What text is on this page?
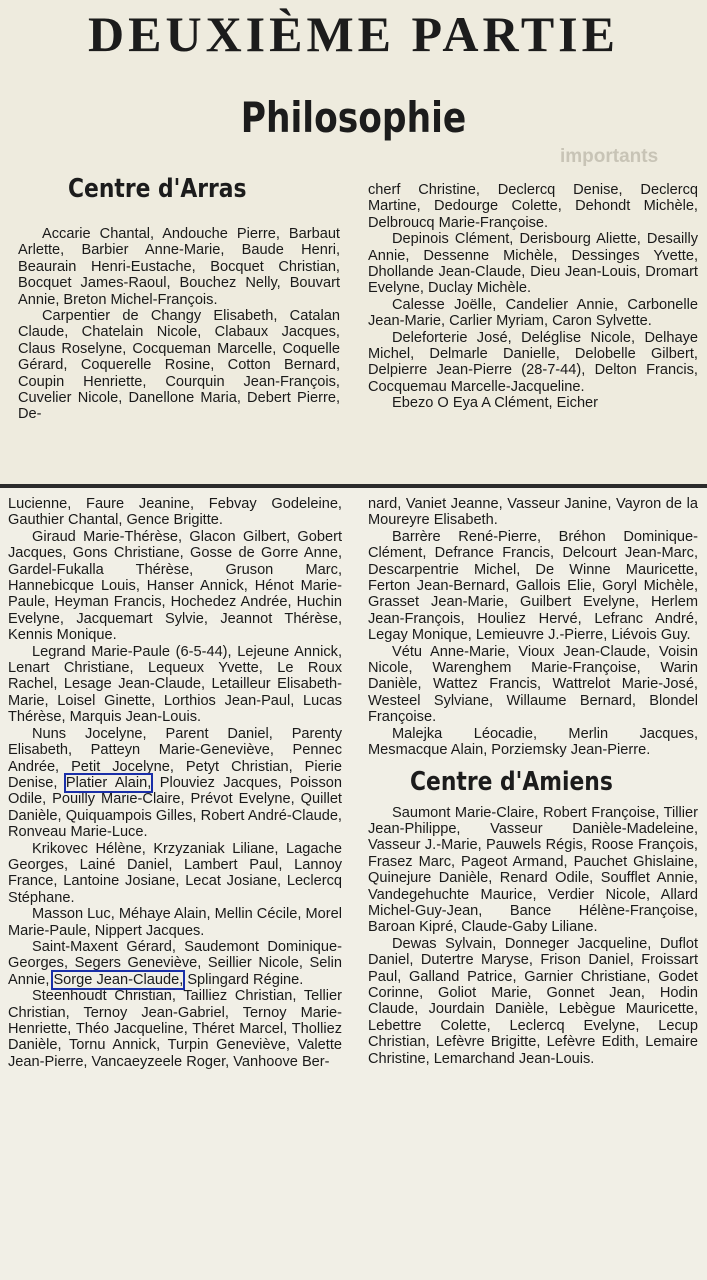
DEUXIÈME PARTIE
importants
Philosophie
Centre d'Arras

Accarie Chantal, Andouche Pierre, Barbaut Arlette, Barbier Anne-Marie, Baude Henri, Beaurain Henri-Eustache, Bocquet Christian, Bocquet James-Raoul, Bouchez Nelly, Bouvart Annie, Breton Michel-François.

Carpentier de Changy Elisabeth, Catalan Claude, Chatelain Nicole, Clabaux Jacques, Claus Roselyne, Cocqueman Marcelle, Coquelle Gérard, Coquerelle Rosine, Cotton Bernard, Coupin Henriette, Courquin Jean-François, Cuvelier Nicole, Danellone Maria, Debert Pierre, De-

cherf Christine, Declercq Denise, Declercq Martine, Dedourge Colette, Dehondt Michèle, Delbroucq Marie-Françoise.

Depinois Clément, Derisbourg Aliette, Desailly Annie, Dessenne Michèle, Dessinges Yvette, Dhollande Jean-Claude, Dieu Jean-Louis, Dromart Evelyne, Duclay Michèle.

Calesse Joëlle, Candelier Annie, Carbonelle Jean-Marie, Carlier Myriam, Caron Sylvette.

Deleforterie José, Deléglise Nicole, Delhaye Michel, Delmarle Danielle, Delobelle Gilbert, Delpierre Jean-Pierre (28-7-44), Delton Francis, Cocquemau Marcelle-Jacqueline.

Ebezo O Eya A Clément, Eicher

Lucienne, Faure Jeanine, Febvay Godeleine, Gauthier Chantal, Gence Brigitte.

Giraud Marie-Thérèse, Glacon Gilbert, Gobert Jacques, Gons Christiane, Gosse de Gorre Anne, Gardel-Fukalla Thérèse, Gruson Marc, Hannebicque Louis, Hanser Annick, Hénot Marie-Paule, Heyman Francis, Hochedez Andrée, Huchin Evelyne, Jacquemart Sylvie, Jeannot Thérèse, Kennis Monique.

Legrand Marie-Paule (6-5-44), Lejeune Annick, Lenart Christiane, Lequeux Yvette, Le Roux Rachel, Lesage Jean-Claude, Letailleur Elisabeth-Marie, Loisel Ginette, Lorthios Jean-Paul, Lucas Thérèse, Marquis Jean-Louis.

Nuns Jocelyne, Parent Daniel, Parenty Elisabeth, Patteyn Marie-Geneviève, Pennec Andrée, Petit Jocelyne, Petyt Christian, Pierie Denise, Platier Alain, Plouviez Jacques, Poisson Odile, Pouilly Marie-Claire, Prévot Evelyne, Quillet Danièle, Quiquampois Gilles, Robert André-Claude, Ronveau Marie-Luce.

Krikovec Hélène, Krzyzaniak Liliane, Lagache Georges, Lainé Daniel, Lambert Paul, Lannoy France, Lantoine Josiane, Lecat Josiane, Leclercq Stéphane.

Masson Luc, Méhaye Alain, Mellin Cécile, Morel Marie-Paule, Nippert Jacques.

Saint-Maxent Gérard, Saudemont Dominique-Georges, Segers Geneviève, Seillier Nicole, Selin Annie, Sorge Jean-Claude, Splingard Régine.

Steenhoudt Christian, Tailliez Christian, Tellier Christian, Ternoy Jean-Gabriel, Ternoy Marie-Henriette, Théo Jacqueline, Théret Marcel, Tholliez Danièle, Tornu Annick, Turpin Geneviève, Valette Jean-Pierre, Vancaeyzeele Roger, Vanhoove Ber-

nard, Vaniet Jeanne, Vasseur Janine, Vayron de la Moureyre Elisabeth.

Barrère René-Pierre, Bréhon Dominique-Clément, Defrance Francis, Delcourt Jean-Marc, Descarpentrie Michel, De Winne Mauricette, Ferton Jean-Bernard, Gallois Elie, Goryl Michèle, Grasset Jean-Marie, Guilbert Evelyne, Herlem Jean-François, Houliez Hervé, Lefranc André, Legay Monique, Lemieuvre J.-Pierre, Liévois Guy.

Vétu Anne-Marie, Vioux Jean-Claude, Voisin Nicole, Warenghem Marie-Françoise, Warin Danièle, Wattez Francis, Wattrelot Marie-José, Westeel Sylviane, Willaume Bernard, Blondel Françoise.

Malejka Léocadie, Merlin Jacques, Mesmacque Alain, Porziemsky Jean-Pierre.

Centre d'Amiens

Saumont Marie-Claire, Robert Françoise, Tillier Jean-Philippe, Vasseur Danièle-Madeleine, Vasseur J.-Marie, Pauwels Régis, Roose François, Frasez Marc, Pageot Armand, Pauchet Ghislaine, Quinejure Danièle, Renard Odile, Soufflet Annie, Vandegehuchte Maurice, Verdier Nicole, Allard Michel-Guy-Jean, Bance Hélène-Françoise, Baroan Kipré, Claude-Gaby Liliane.

Dewas Sylvain, Donneger Jacqueline, Duflot Daniel, Dutertre Maryse, Frison Daniel, Froissart Paul, Galland Patrice, Garnier Christiane, Godet Corinne, Goliot Marie, Gonnet Jean, Hodin Claude, Jourdain Danièle, Lebègue Mauricette, Lebettre Colette, Leclercq Evelyne, Lecup Christian, Lefèvre Brigitte, Lefèvre Edith, Lemaire Christine, Lemarchand Jean-Louis.
